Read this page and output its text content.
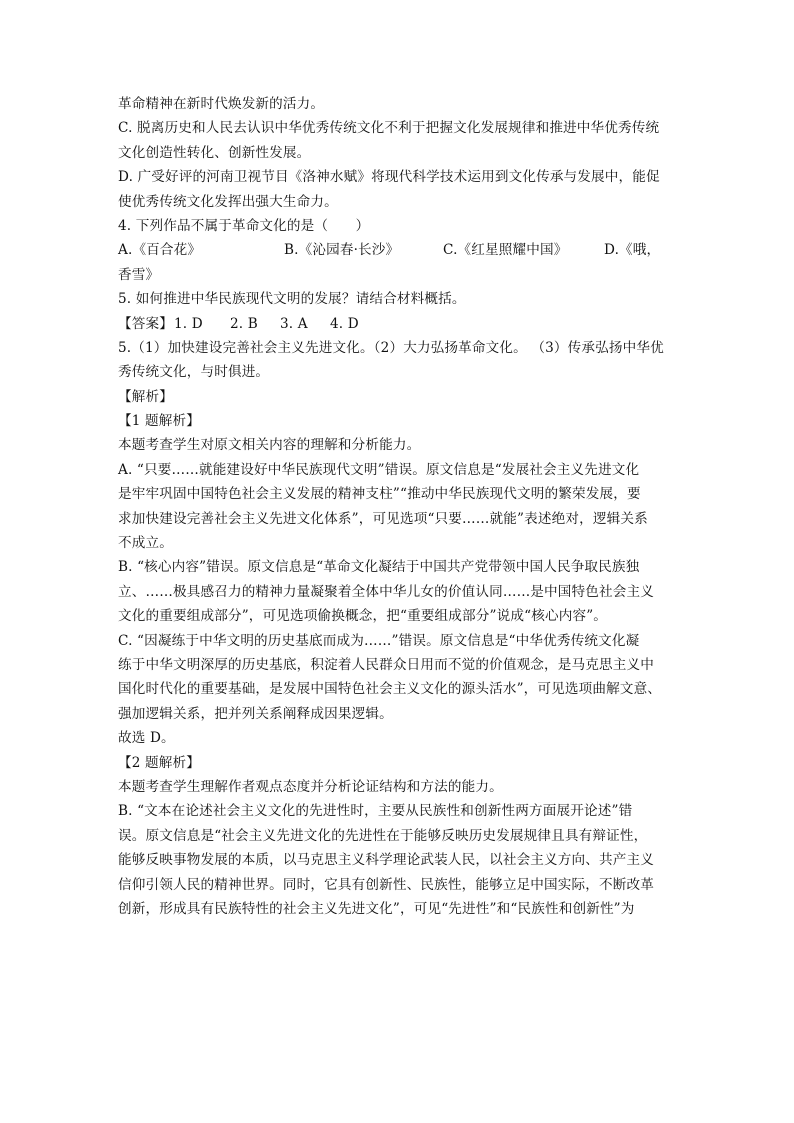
革命精神在新时代焕发新的活力。
C. 脱离历史和人民去认识中华优秀传统文化不利于把握文化发展规律和推进中华优秀传统
文化创造性转化、创新性发展。
D. 广受好评的河南卫视节目《洛神水赋》将现代科学技术运用到文化传承与发展中，能促
使优秀传统文化发挥出强大生命力。
4. 下列作品不属于革命文化的是（　　）
A.《百合花》	B.《沁园春·长沙》	C.《红星照耀中国》	D.《哦，
香雪》
5. 如何推进中华民族现代文明的发展？请结合材料概括。
【答案】 1. D 2. B 3. A 4. D
5.（1）加快建设完善社会主义先进文化。（2）大力弘扬革命文化。 （3）传承弘扬中华优
秀传统文化，与时俱进。
【解析】
【1 题解析】
本题考查学生对原文相关内容的理解和分析能力。
A. “只要……就能建设好中华民族现代文明”错误。原文信息是“发展社会主义先进文化
是牢牢巩固中国特色社会主义发展的精神支柱”“推动中华民族现代文明的繁荣发展，要
求加快建设完善社会主义先进文化体系”，可见选项“只要……就能”表述绝对，逻辑关系
不成立。
B. “核心内容”错误。原文信息是“革命文化凝结于中国共产党带领中国人民争取民族独
立、……极具感召力的精神力量凝聚着全体中华儿女的价值认同……是中国特色社会主义
文化的重要组成部分”，可见选项偷换概念，把“重要组成部分”说成“核心内容”。
C. “因凝练于中华文明的历史基底而成为……”错误。原文信息是“中华优秀传统文化凝
练于中华文明深厚的历史基底，积淀着人民群众日用而不觉的价值观念，是马克思主义中
国化时代化的重要基础，是发展中国特色社会主义文化的源头活水”，可见选项曲解文意、
强加逻辑关系，把并列关系阐释成因果逻辑。
故选 D。
【2 题解析】
本题考查学生理解作者观点态度并分析论证结构和方法的能力。
B. “文本在论述社会主义文化的先进性时，主要从民族性和创新性两方面展开论述”错
误。原文信息是“社会主义先进文化的先进性在于能够反映历史发展规律且具有辩证性，
能够反映事物发展的本质，以马克思主义科学理论武装人民，以社会主义方向、共产主义
信仰引领人民的精神世界。同时，它具有创新性、民族性，能够立足中国实际，不断改革
创新，形成具有民族特性的社会主义先进文化”，可见“先进性”和“民族性和创新性”为
